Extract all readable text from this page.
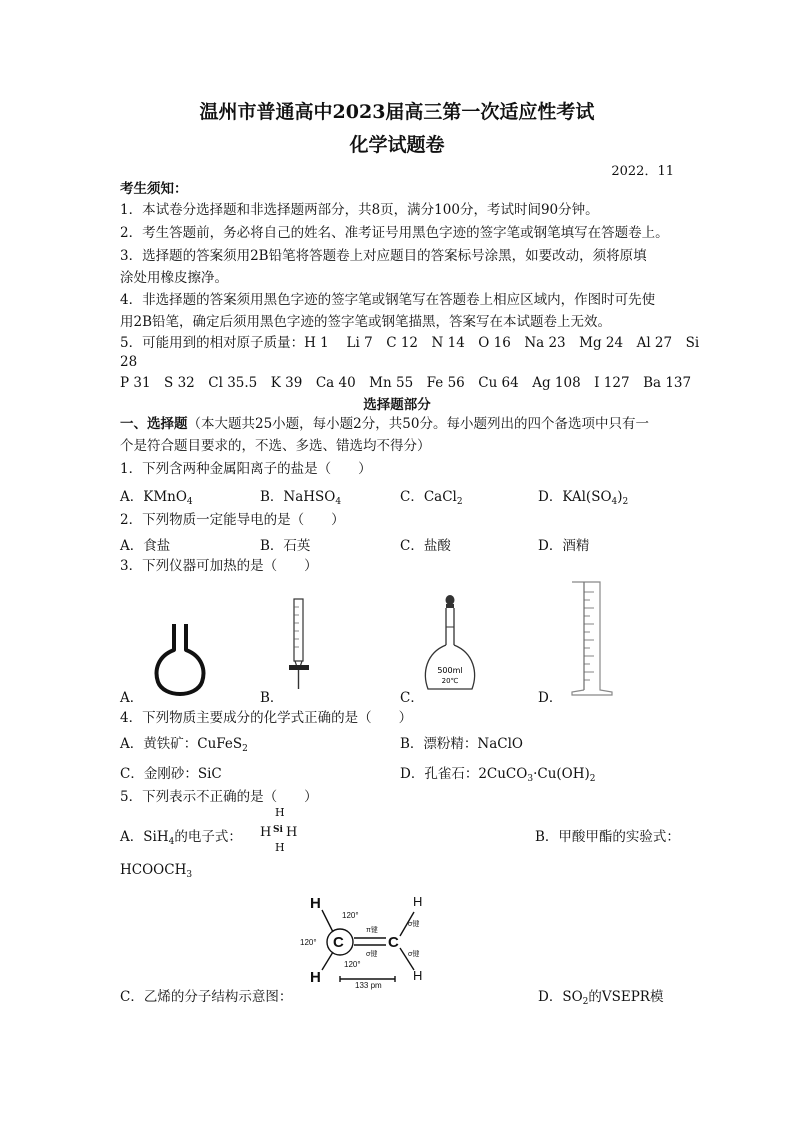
温州市普通高中2023届高三第一次适应性考试
化学试题卷
2022．11
考生须知：
1．本试卷分选择题和非选择题两部分，共8页，满分100分，考试时间90分钟。
2．考生答题前，务必将自己的姓名、准考证号用黑色字迹的签字笔或钢笔填写在答题卷上。
3．选择题的答案须用2B铅笔将答题卷上对应题目的答案标号涂黑，如要改动，须将原填
涂处用橡皮擦净。
4．非选择题的答案须用黑色字迹的签字笔或钢笔写在答题卷上相应区域内，作图时可先使
用2B铅笔，确定后须用黑色字迹的签字笔或钢笔描黑，答案写在本试题卷上无效。
5．可能用到的相对原子质量：H 1　 Li 7　C 12　N 14　O 16　Na 23　Mg 24　Al 27　Si
28
P 31　S 32　Cl 35.5　K 39　Ca 40　Mn 55　Fe 56　Cu 64　Ag 108　I 127　Ba 137
选择题部分
一、选择题（本大题共25小题，每小题2分，共50分。每小题列出的四个备选项中只有一
个是符合题目要求的，不选、多选、错选均不得分）
1．下列含两种金属阳离子的盐是（　　）
A．KMnO$_4$	B．NaHSO$_4$	C．CaCl$_2$	D．$KAl(SO_4)_2$
2．下列物质一定能导电的是（　　）
A．食盐	B．石英	C．盐酸	D．酒精
3．下列仪器可加热的是（　　）
A．	B．	C．	D．
500ml
20℃
4．下列物质主要成分的化学式正确的是（　　）
A．黄铁矿：CuFeS$_2$	B．漂粉精：NaClO
C．金刚砂：SiC	D．孔雀石：$2CuCO_3\cdot Cu(OH)_2$
5．下列表示不正确的是（　　）
A．SiH$_4$的电子式：
H
H Si H
H
B．甲酸甲酯的实验式：
$HCOOCH_3$
H
H
H
H
C	C
120°
120°
120°
π键
σ键
σ键
σ键
133 pm
C．乙烯的分子结构示意图：	D．$SO_2$的VSEPR模
